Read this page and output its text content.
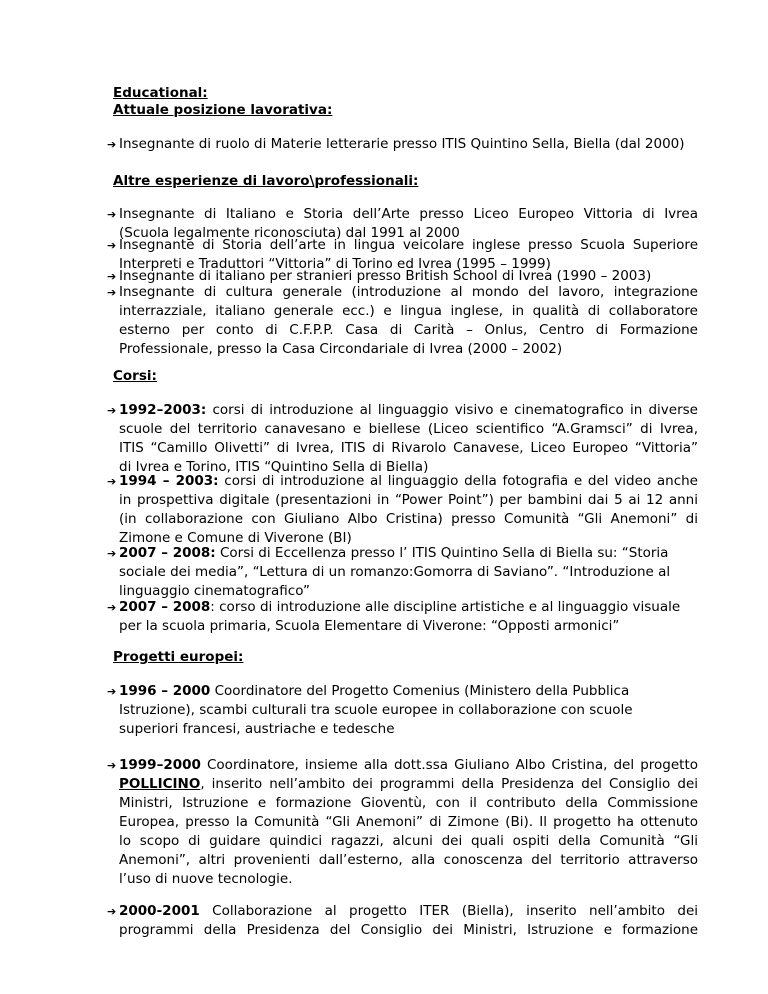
Educational:
Attuale posizione lavorativa:
➔ Insegnante di ruolo di Materie letterarie presso ITIS Quintino Sella, Biella (dal 2000)
Altre esperienze di lavoro\professionali:
➔ Insegnante di Italiano e Storia dell’Arte presso Liceo Europeo Vittoria di Ivrea
(Scuola legalmente riconosciuta) dal 1991 al 2000
➔ Insegnante di Storia dell’arte in lingua veicolare inglese presso Scuola Superiore
Interpreti e Traduttori “Vittoria” di Torino ed Ivrea (1995 – 1999)
➔ Insegnante di italiano per stranieri presso British School di Ivrea (1990 – 2003)
➔ Insegnante di cultura generale (introduzione al mondo del lavoro, integrazione
interrazziale, italiano generale ecc.) e lingua inglese, in qualità di collaboratore
esterno per conto di C.F.P.P. Casa di Carità – Onlus, Centro di Formazione
Professionale, presso la Casa Circondariale di Ivrea (2000 – 2002)
Corsi:
➔ 1992–2003: corsi di introduzione al linguaggio visivo e cinematografico in diverse
scuole del territorio canavesano e biellese (Liceo scientifico “A.Gramsci” di Ivrea,
ITIS “Camillo Olivetti” di Ivrea, ITIS di Rivarolo Canavese, Liceo Europeo “Vittoria”
di Ivrea e Torino, ITIS “Quintino Sella di Biella)
➔ 1994 – 2003: corsi di introduzione al linguaggio della fotografia e del video anche
in prospettiva digitale (presentazioni in “Power Point”) per bambini dai 5 ai 12 anni
(in collaborazione con Giuliano Albo Cristina) presso Comunità “Gli Anemoni” di
Zimone e Comune di Viverone (BI)
➔ 2007 – 2008: Corsi di Eccellenza presso l’ ITIS Quintino Sella di Biella su: “Storia
sociale dei media”, “Lettura di un romanzo:Gomorra di Saviano”. “Introduzione al
linguaggio cinematografico”
➔ 2007 – 2008: corso di introduzione alle discipline artistiche e al linguaggio visuale
per la scuola primaria, Scuola Elementare di Viverone: “Opposti armonici”
Progetti europei:
➔ 1996 – 2000 Coordinatore del Progetto Comenius (Ministero della Pubblica
Istruzione), scambi culturali tra scuole europee in collaborazione con scuole
superiori francesi, austriache e tedesche
➔ 1999–2000 Coordinatore, insieme alla dott.ssa Giuliano Albo Cristina, del progetto
POLLICINO, inserito nell’ambito dei programmi della Presidenza del Consiglio dei
Ministri, Istruzione e formazione Gioventù, con il contributo della Commissione
Europea, presso la Comunità “Gli Anemoni” di Zimone (Bi). Il progetto ha ottenuto
lo scopo di guidare quindici ragazzi, alcuni dei quali ospiti della Comunità “Gli
Anemoni”, altri provenienti dall’esterno, alla conoscenza del territorio attraverso
l’uso di nuove tecnologie.
➔ 2000-2001 Collaborazione al progetto ITER (Biella), inserito nell’ambito dei
programmi della Presidenza del Consiglio dei Ministri, Istruzione e formazione
